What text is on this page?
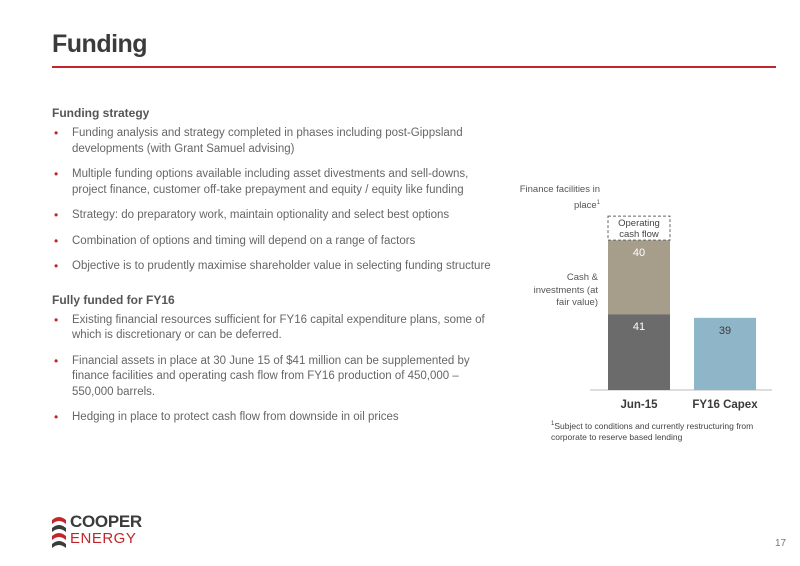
Funding
Funding strategy
• Funding analysis and strategy completed in phases including post-Gippsland developments (with Grant Samuel advising)
• Multiple funding options available including asset divestments and sell-downs, project finance, customer off-take prepayment and equity / equity like funding
• Strategy: do preparatory work, maintain optionality and select best options
• Combination of options and timing will depend on a range of factors
• Objective is to prudently maximise shareholder value in selecting funding structure
Fully funded for FY16
• Existing financial resources sufficient for FY16 capital expenditure plans, some of which is discretionary or can be deferred.
• Financial assets in place at 30 June 15 of $41 million can be supplemented by finance facilities and operating cash flow from FY16 production of 450,000 – 550,000 barrels.
• Hedging in place to protect cash flow from downside in oil prices
41
40
39
Operating
cash flow
Jun-15	FY16 Capex
Finance facilities in place$^1$
Cash & investments (at fair value)
$^1$Subject to conditions and currently restructuring from corporate to reserve based lending
COOPER
ENERGY	17
